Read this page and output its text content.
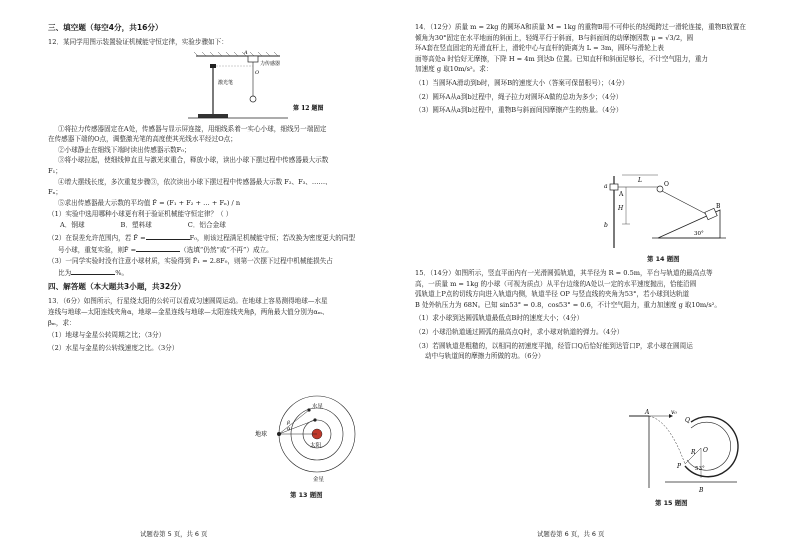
三、填空题（每空4分，共16分）

12．某同学用图示装置验证机械能守恒定律，实验步骤如下：

力传感器
A
O
激光笔
第 12 题图

①将拉力传感器固定在A处，传感器与显示屏连接，用细线系着一实心小球，细线另一端固定

在传感器下端的O点，调整激光笔的高度使其光线水平经过O点；

②小球静止在细线下端时读出传感器示数F₀；

③将小球拉起，使细线伸直且与激光束重合，释放小球，读出小球下摆过程中传感器最大示数

F₁；

④增大摆线长度，多次重复步骤③，依次读出小球下摆过程中传感器最大示数 F₂、F₃、……、

Fₙ；

⑤求出传感器最大示数的平均值 F̄ = (F₁ + F₂ + … + Fₙ) / n

（1）实验中选用哪种小球更有利于验证机械能守恒定律？（ ）

A．钢球	B．塑料球	C．铝合金球

（2）在误差允许范围内，若 F̄ =	F₀，则该过程满足机械能守恒；若改换为密度更大的同型

号小球，重复实验，则F̄ =	（选填“仍然”或“不再”）成立。

（3）一同学实验时没有注意小球材质，实验得到 F̄₁ = 2.8F₀，则第一次摆下过程中机械能损失占

比为	%。

四、解答题（本大题共3小题，共32分）

13．（6分）如图所示，行星绕太阳的公转可以看成匀速圆周运动。在地球上容易测得地球—水星

连线与地球—太阳连线夹角α，地球—金星连线与地球—太阳连线夹角β，两角最大值分别为αₘ、

βₘ，求：

（1）地球与金星公转周期之比；（3分）

（2）水星与金星的公转线速度之比。（3分）

地球
水星
太阳
金星
α
β
第 13 题图
试题卷第 5 页，共 6 页

14．（12分）质量 m = 2kg 的圆环A和质量 M = 1kg 的重物B用不可伸长的轻绳跨过一滑轮连接，重物B放置在

倾角为30°固定在水平地面的斜面上，轻绳平行于斜面，B与斜面间的动摩擦因数 μ = √3/2，圆

环A套在竖直固定的光滑直杆上，滑轮中心与直杆的距离为 L = 3m，圆环与滑轮上表

面等高处a 时恰好无摩擦，下降 H = 4m 到达b 位置。已知直杆和斜面足够长，不计空气阻力，重力

加速度 g 取10m/s²。求：

（1）当圆环A滑动到b时，圆环B的速度大小（答案可保留根号）；（4分）

（2）圆环A从a到b过程中，绳子拉力对圆环A做的总功为多少；（4分）

（3）圆环A从a到b过程中，重物B与斜面间因摩擦产生的热量。（4分）

a
A
L
O
H
b
B
30°
第 14 题图

15．（14分）如图所示，竖直平面内有一光滑圆弧轨道，其半径为 R = 0.5m，平台与轨道的最高点等

高，一质量 m = 1kg 的小球（可视为质点）从平台边缘的A处以一定的水平速度抛出，恰能沿圆

弧轨道上P点的切线方向进入轨道内侧，轨道半径 OP 与竖直线的夹角为53°，若小球到达轨道

B 处外轨压力为 68N。已知 sin53° = 0.8，cos53° = 0.6，不计空气阻力，重力加速度 g 取10m/s²。

（1）求小球到达圆弧轨道最低点B时的速度大小；（4分）

（2）小球沿轨道通过圆弧的最高点Q时，求小球对轨道的弹力。（4分）

（3）若圆轨道是粗糙的，以相同的初速度平抛，经管口Q后恰好能到达管口P，求小球在圆周运

动中与轨道间的摩擦力所做的功。（6分）

A	v₀
Q
R O
P	53°
B
第 15 题图
试题卷第 6 页，共 6 页
